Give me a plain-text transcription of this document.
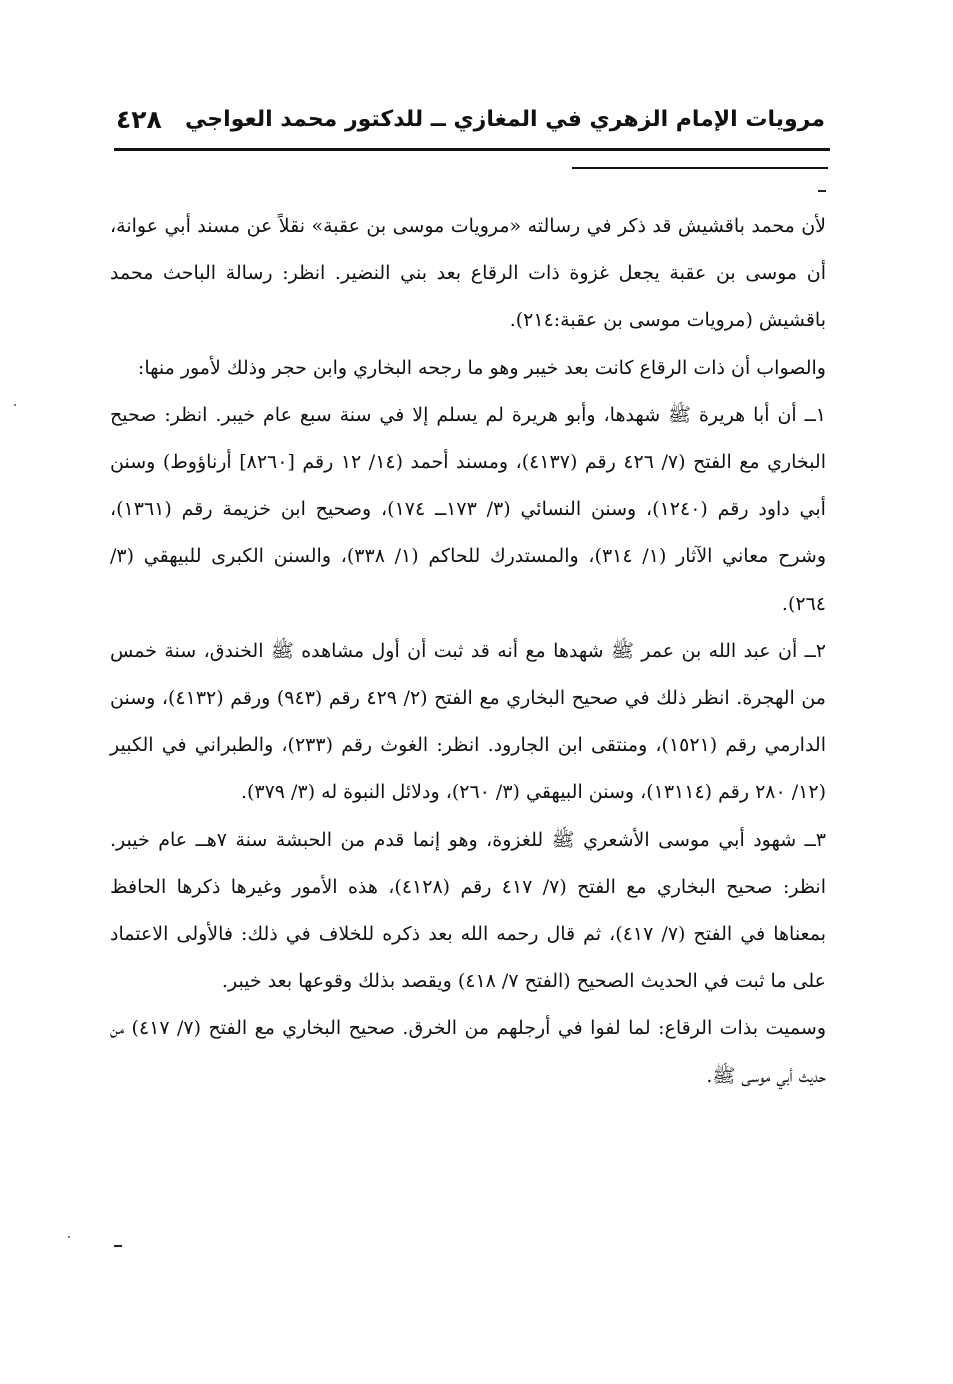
مرويات الإمام الزهري في المغازي ــ للدكتور محمد العواجي
٤٢٨

لأن محمد باقشيش قد ذكر في رسالته «مرويات موسى بن عقبة» نقلاً عن مسند أبي عوانة، أن موسى بن عقبة يجعل غزوة ذات الرقاع بعد بني النضير. انظر: رسالة الباحث محمد باقشيش (مرويات موسى بن عقبة:٢١٤).

والصواب أن ذات الرقاع كانت بعد خيبر وهو ما رجحه البخاري وابن حجر وذلك لأمور منها:

١ــ أن أبا هريرة ﷺ شهدها، وأبو هريرة لم يسلم إلا في سنة سبع عام خيبر. انظر: صحيح البخاري مع الفتح (٧/ ٤٢٦ رقم (٤١٣٧)، ومسند أحمد (١٤/ ١٢ رقم [٨٢٦٠] أرناؤوط) وسنن أبي داود رقم (١٢٤٠)، وسنن النسائي (٣/ ١٧٣ــ ١٧٤)، وصحيح ابن خزيمة رقم (١٣٦١)، وشرح معاني الآثار (١/ ٣١٤)، والمستدرك للحاكم (١/ ٣٣٨)، والسنن الكبرى للبيهقي (٣/ ٢٦٤).

٢ــ أن عبد الله بن عمر ﷺ شهدها مع أنه قد ثبت أن أول مشاهده ﷺ الخندق، سنة خمس من الهجرة. انظر ذلك في صحيح البخاري مع الفتح (٢/ ٤٢٩ رقم (٩٤٣) ورقم (٤١٣٢)، وسنن الدارمي رقم (١٥٢١)، ومنتقى ابن الجارود. انظر: الغوث رقم (٢٣٣)، والطبراني في الكبير (١٢/ ٢٨٠ رقم (١٣١١٤)، وسنن البيهقي (٣/ ٢٦٠)، ودلائل النبوة له (٣/ ٣٧٩).

٣ــ شهود أبي موسى الأشعري ﷺ للغزوة، وهو إنما قدم من الحبشة سنة ٧هــ عام خيبر. انظر: صحيح البخاري مع الفتح (٧/ ٤١٧ رقم (٤١٢٨)، هذه الأمور وغيرها ذكرها الحافظ بمعناها في الفتح (٧/ ٤١٧)، ثم قال رحمه الله بعد ذكره للخلاف في ذلك: فالأولى الاعتماد على ما ثبت في الحديث الصحيح (الفتح ٧/ ٤١٨) ويقصد بذلك وقوعها بعد خيبر.

وسميت بذات الرقاع: لما لفوا في أرجلهم من الخرق. صحيح البخاري مع الفتح (٧/ ٤١٧) من حديث أبي موسى ﷺ.
